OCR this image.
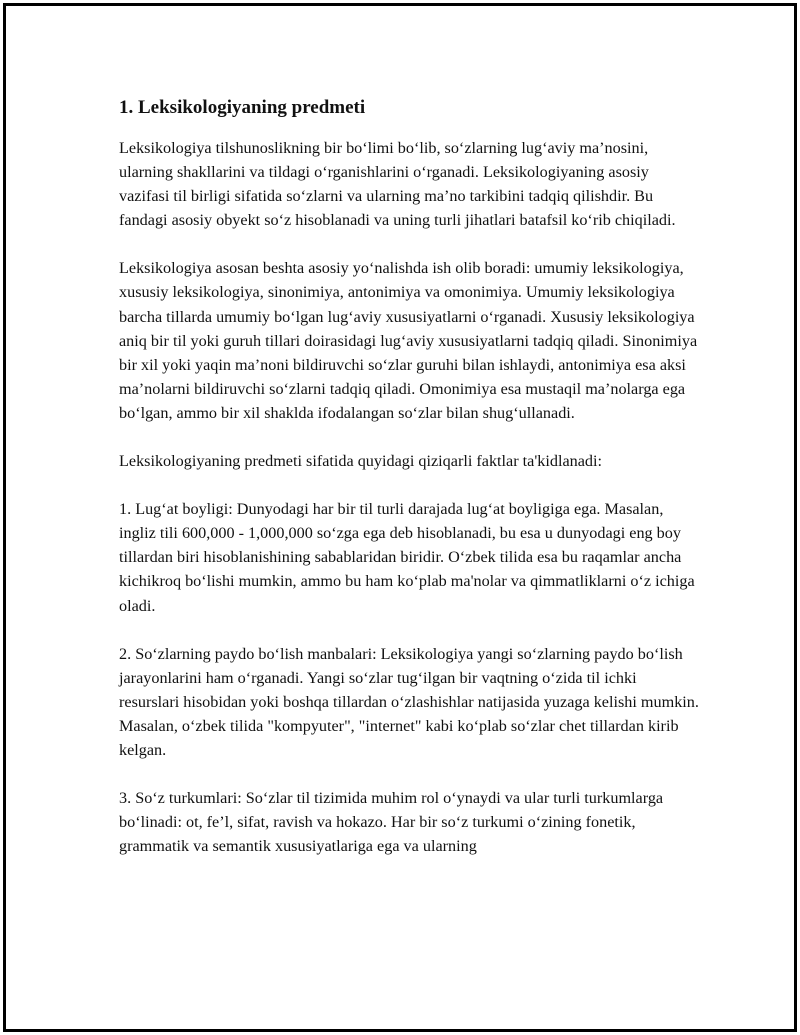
1. Leksikologiyaning predmeti

Leksikologiya tilshunoslikning bir bo‘limi bo‘lib, so‘zlarning lug‘aviy ma’nosini, ularning shakllarini va tildagi o‘rganishlarini o‘rganadi. Leksikologiyaning asosiy vazifasi til birligi sifatida so‘zlarni va ularning ma’no tarkibini tadqiq qilishdir. Bu fandagi asosiy obyekt so‘z hisoblanadi va uning turli jihatlari batafsil ko‘rib chiqiladi.

Leksikologiya asosan beshta asosiy yo‘nalishda ish olib boradi: umumiy leksikologiya, xususiy leksikologiya, sinonimiya, antonimiya va omonimiya. Umumiy leksikologiya barcha tillarda umumiy bo‘lgan lug‘aviy xususiyatlarni o‘rganadi. Xususiy leksikologiya aniq bir til yoki guruh tillari doirasidagi lug‘aviy xususiyatlarni tadqiq qiladi. Sinonimiya bir xil yoki yaqin ma’noni bildiruvchi so‘zlar guruhi bilan ishlaydi, antonimiya esa aksi ma’nolarni bildiruvchi so‘zlarni tadqiq qiladi. Omonimiya esa mustaqil ma’nolarga ega bo‘lgan, ammo bir xil shaklda ifodalangan so‘zlar bilan shug‘ullanadi.

Leksikologiyaning predmeti sifatida quyidagi qiziqarli faktlar ta'kidlanadi:

1. Lug‘at boyligi: Dunyodagi har bir til turli darajada lug‘at boyligiga ega. Masalan, ingliz tili 600,000 - 1,000,000 so‘zga ega deb hisoblanadi, bu esa u dunyodagi eng boy tillardan biri hisoblanishining sabablaridan biridir. O‘zbek tilida esa bu raqamlar ancha kichikroq bo‘lishi mumkin, ammo bu ham ko‘plab ma'nolar va qimmatliklarni o‘z ichiga oladi.

2. So‘zlarning paydo bo‘lish manbalari: Leksikologiya yangi so‘zlarning paydo bo‘lish jarayonlarini ham o‘rganadi. Yangi so‘zlar tug‘ilgan bir vaqtning o‘zida til ichki resurslari hisobidan yoki boshqa tillardan o‘zlashishlar natijasida yuzaga kelishi mumkin. Masalan, o‘zbek tilida "kompyuter", "internet" kabi ko‘plab so‘zlar chet tillardan kirib kelgan.

3. So‘z turkumlari: So‘zlar til tizimida muhim rol o‘ynaydi va ular turli turkumlarga bo‘linadi: ot, fe’l, sifat, ravish va hokazo. Har bir so‘z turkumi o‘zining fonetik, grammatik va semantik xususiyatlariga ega va ularning
